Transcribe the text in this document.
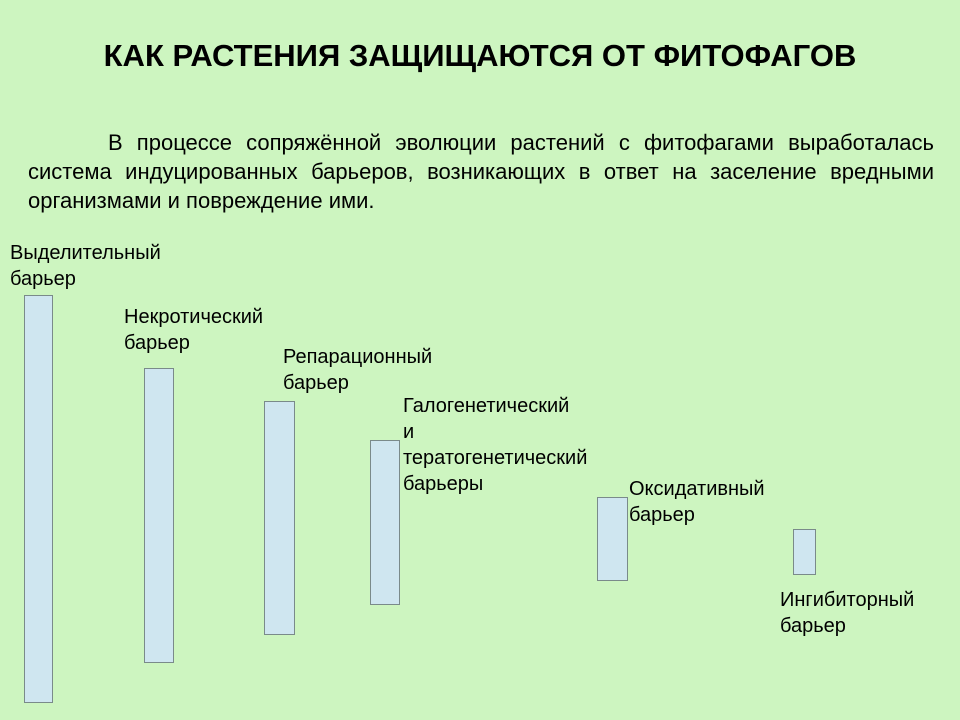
КАК РАСТЕНИЯ ЗАЩИЩАЮТСЯ ОТ ФИТОФАГОВ
В процессе сопряжённой эволюции растений с фитофагами выработалась система индуцированных барьеров, возникающих в ответ на заселение вредными организмами и повреждение ими.
Выделительный
барьер
Некротический
барьер
Репарационный
барьер
Галогенетический
и
тератогенетический
барьеры	Оксидативный
барьер
Ингибиторный
барьер
